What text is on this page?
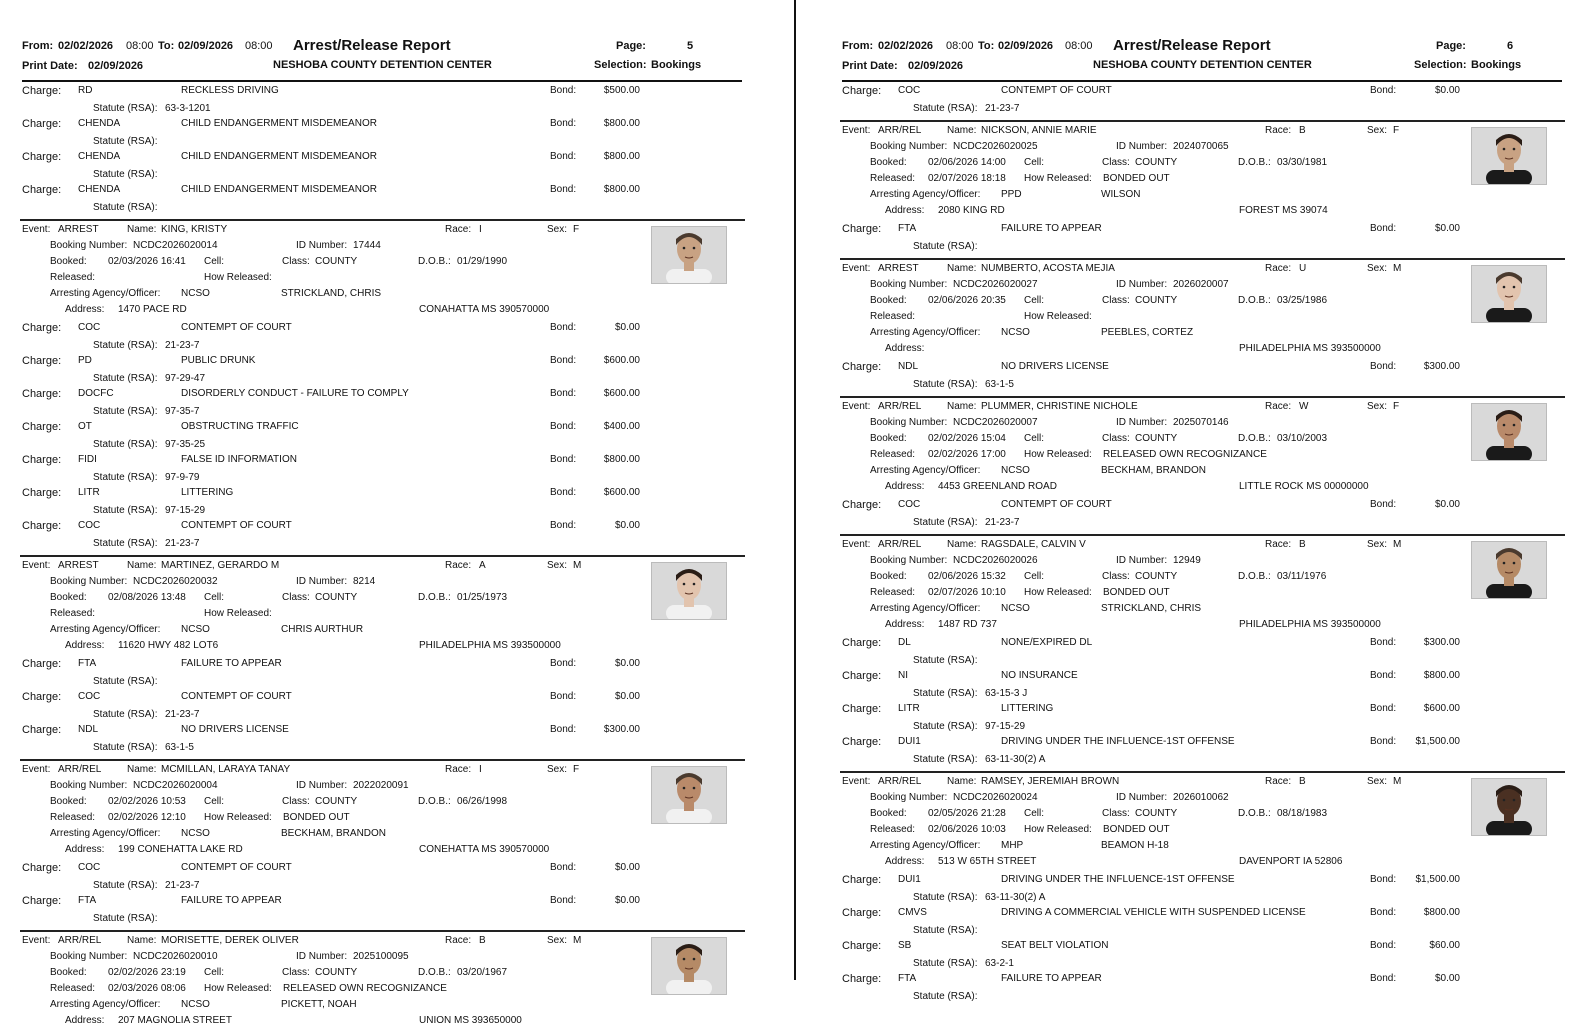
From: 02/02/2026 08:00 To: 02/09/2026 08:00 Arrest/Release Report	Page:	5
Print Date: 02/09/2026	NESHOBA COUNTY DETENTION CENTER	Selection: Bookings
Charge: RD	RECKLESS DRIVING	Bond:	$500.00
Statute (RSA): 63-3-1201
Charge: CHENDA	CHILD ENDANGERMENT MISDEMEANOR	Bond:	$800.00
Statute (RSA):
Charge: CHENDA	CHILD ENDANGERMENT MISDEMEANOR	Bond:	$800.00
Statute (RSA):
Charge: CHENDA	CHILD ENDANGERMENT MISDEMEANOR	Bond:	$800.00
Statute (RSA):
Event: ARREST	Name: KING, KRISTY	Race: I	Sex: F
Booking Number: NCDC2026020014	ID Number: 17444
Booked: 02/03/2026 16:41 Cell:	Class: COUNTY	D.O.B.: 01/29/1990
Released:	How Released:
Arresting Agency/Officer: NCSO	STRICKLAND, CHRIS
Address: 1470 PACE RD	CONAHATTA MS 390570000
Charge: COC	CONTEMPT OF COURT	Bond:	$0.00
Statute (RSA): 21-23-7
Charge: PD	PUBLIC DRUNK	Bond:	$600.00
Statute (RSA): 97-29-47
Charge: DOCFC	DISORDERLY CONDUCT - FAILURE TO COMPLY	Bond:	$600.00
Statute (RSA): 97-35-7
Charge: OT	OBSTRUCTING TRAFFIC	Bond:	$400.00
Statute (RSA): 97-35-25
Charge: FIDI	FALSE ID INFORMATION	Bond:	$800.00
Statute (RSA): 97-9-79
Charge: LITR	LITTERING	Bond:	$600.00
Statute (RSA): 97-15-29
Charge: COC	CONTEMPT OF COURT	Bond:	$0.00
Statute (RSA): 21-23-7
Event: ARREST	Name: MARTINEZ, GERARDO M	Race: A	Sex: M
Booking Number: NCDC2026020032	ID Number: 8214
Booked: 02/08/2026 13:48 Cell:	Class: COUNTY	D.O.B.: 01/25/1973
Released:	How Released:
Arresting Agency/Officer: NCSO	CHRIS AURTHUR
Address: 11620 HWY 482 LOT6	PHILADELPHIA MS 393500000
Charge: FTA	FAILURE TO APPEAR	Bond:	$0.00
Statute (RSA):
Charge: COC	CONTEMPT OF COURT	Bond:	$0.00
Statute (RSA): 21-23-7
Charge: NDL	NO DRIVERS LICENSE	Bond:	$300.00
Statute (RSA): 63-1-5
Event: ARR/REL	Name: MCMILLAN, LARAYA TANAY	Race: I	Sex: F
Booking Number: NCDC2026020004	ID Number: 2022020091
Booked: 02/02/2026 10:53 Cell:	Class: COUNTY	D.O.B.: 06/26/1998
Released: 02/02/2026 12:10 How Released: BONDED OUT
Arresting Agency/Officer: NCSO	BECKHAM, BRANDON
Address: 199 CONEHATTA LAKE RD	CONEHATTA MS 390570000
Charge: COC	CONTEMPT OF COURT	Bond:	$0.00
Statute (RSA): 21-23-7
Charge: FTA	FAILURE TO APPEAR	Bond:	$0.00
Statute (RSA):
Event: ARR/REL	Name: MORISETTE, DEREK OLIVER	Race: B	Sex: M
Booking Number: NCDC2026020010	ID Number: 2025100095
Booked: 02/02/2026 23:19 Cell:	Class: COUNTY	D.O.B.: 03/20/1967
Released: 02/03/2026 08:06 How Released: RELEASED OWN RECOGNIZANCE
Arresting Agency/Officer: NCSO	PICKETT, NOAH
Address: 207 MAGNOLIA STREET	UNION MS 393650000
From: 02/02/2026 08:00 To: 02/09/2026 08:00 Arrest/Release Report	Page:	6
Print Date: 02/09/2026	NESHOBA COUNTY DETENTION CENTER	Selection: Bookings
Charge: COC	CONTEMPT OF COURT	Bond:	$0.00
Statute (RSA): 21-23-7
Event: ARR/REL	Name: NICKSON, ANNIE MARIE	Race: B	Sex: F
Booking Number: NCDC2026020025	ID Number: 2024070065
Booked: 02/06/2026 14:00 Cell:	Class: COUNTY	D.O.B.: 03/30/1981
Released: 02/07/2026 18:18 How Released: BONDED OUT
Arresting Agency/Officer: PPD	WILSON
Address: 2080 KING RD	FOREST MS 39074
Charge: FTA	FAILURE TO APPEAR	Bond:	$0.00
Statute (RSA):
Event: ARREST	Name: NUMBERTO, ACOSTA MEJIA	Race: U	Sex: M
Booking Number: NCDC2026020027	ID Number: 2026020007
Booked: 02/06/2026 20:35 Cell:	Class: COUNTY	D.O.B.: 03/25/1986
Released:	How Released:
Arresting Agency/Officer: NCSO	PEEBLES, CORTEZ
Address:	PHILADELPHIA MS 393500000
Charge: NDL	NO DRIVERS LICENSE	Bond:	$300.00
Statute (RSA): 63-1-5
Event: ARR/REL	Name: PLUMMER, CHRISTINE NICHOLE	Race: W	Sex: F
Booking Number: NCDC2026020007	ID Number: 2025070146
Booked: 02/02/2026 15:04 Cell:	Class: COUNTY	D.O.B.: 03/10/2003
Released: 02/02/2026 17:00 How Released: RELEASED OWN RECOGNIZANCE
Arresting Agency/Officer: NCSO	BECKHAM, BRANDON
Address: 4453 GREENLAND ROAD	LITTLE ROCK MS 00000000
Charge: COC	CONTEMPT OF COURT	Bond:	$0.00
Statute (RSA): 21-23-7
Event: ARR/REL	Name: RAGSDALE, CALVIN V	Race: B	Sex: M
Booking Number: NCDC2026020026	ID Number: 12949
Booked: 02/06/2026 15:32 Cell:	Class: COUNTY	D.O.B.: 03/11/1976
Released: 02/07/2026 10:10 How Released: BONDED OUT
Arresting Agency/Officer: NCSO	STRICKLAND, CHRIS
Address: 1487 RD 737	PHILADELPHIA MS 393500000
Charge: DL	NONE/EXPIRED DL	Bond:	$300.00
Statute (RSA):
Charge: NI	NO INSURANCE	Bond:	$800.00
Statute (RSA): 63-15-3 J
Charge: LITR	LITTERING	Bond:	$600.00
Statute (RSA): 97-15-29
Charge: DUI1	DRIVING UNDER THE INFLUENCE-1ST OFFENSE	Bond: $1,500.00
Statute (RSA): 63-11-30(2) A
Event: ARR/REL	Name: RAMSEY, JEREMIAH BROWN	Race: B	Sex: M
Booking Number: NCDC2026020024	ID Number: 2026010062
Booked: 02/05/2026 21:28 Cell:	Class: COUNTY	D.O.B.: 08/18/1983
Released: 02/06/2026 10:03 How Released: BONDED OUT
Arresting Agency/Officer: MHP	BEAMON H-18
Address: 513 W 65TH STREET	DAVENPORT IA 52806
Charge: DUI1	DRIVING UNDER THE INFLUENCE-1ST OFFENSE	Bond: $1,500.00
Statute (RSA): 63-11-30(2) A
Charge: CMVS	DRIVING A COMMERCIAL VEHICLE WITH SUSPENDED LICENSE	Bond:	$800.00
Statute (RSA):
Charge: SB	SEAT BELT VIOLATION	Bond:	$60.00
Statute (RSA): 63-2-1
Charge: FTA	FAILURE TO APPEAR	Bond:	$0.00
Statute (RSA):
